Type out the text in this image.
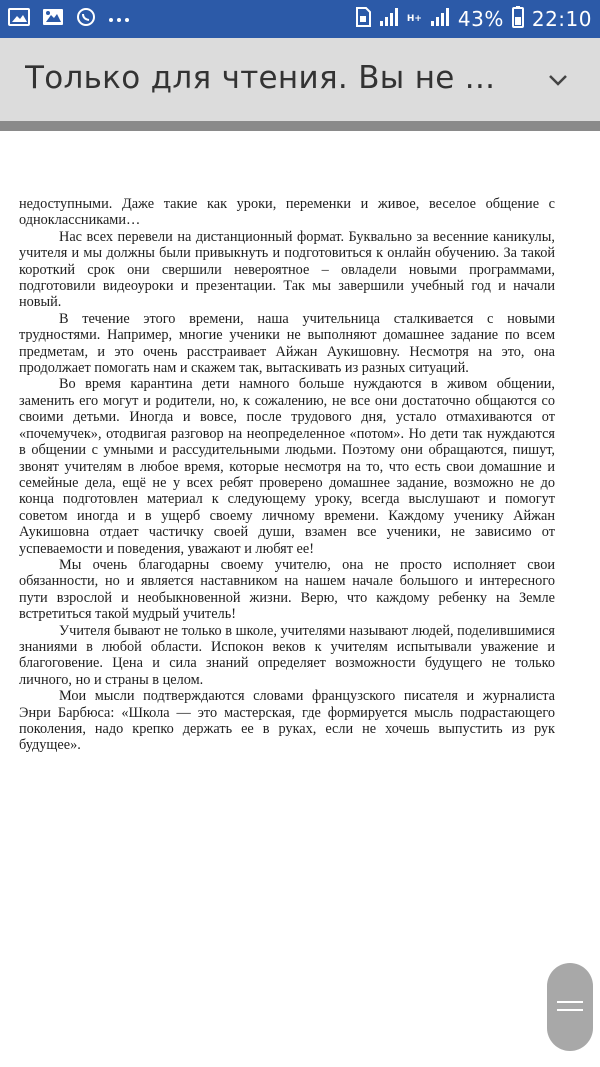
H+ 43% 22:10
Только для чтения. Вы не ...

недоступными. Даже такие как уроки, переменки и живое, веселое общение с одноклассниками…

Нас всех перевели на дистанционный формат. Буквально за весенние каникулы, учителя и мы должны были привыкнуть и подготовиться к онлайн обучению. За такой короткий срок они свершили невероятное – овладели новыми программами, подготовили видеоуроки и презентации. Так мы завершили учебный год и начали новый.

В течение этого времени, наша учительница сталкивается с новыми трудностями. Например, многие ученики не выполняют домашнее задание по всем предметам, и это очень расстраивает Айжан Аукишовну. Несмотря на это, она продолжает помогать нам и скажем так, вытаскивать из разных ситуаций.

Во время карантина дети намного больше нуждаются в живом общении, заменить его могут и родители, но, к сожалению, не все они достаточно общаются со своими детьми. Иногда и вовсе, после трудового дня, устало отмахиваются от «почемучек», отодвигая разговор на неопределенное «потом». Но дети так нуждаются в общении с умными и рассудительными людьми. Поэтому они обращаются, пишут, звонят учителям в любое время, которые несмотря на то, что есть свои домашние и семейные дела, ещё не у всех ребят проверено домашнее задание, возможно не до конца подготовлен материал к следующему уроку, всегда выслушают и помогут советом иногда и в ущерб своему личному времени. Каждому ученику Айжан Аукишовна отдает частичку своей души, взамен все ученики, не зависимо от успеваемости и поведения, уважают и любят ее!

Мы очень благодарны своему учителю, она не просто исполняет свои обязанности, но и является наставником на нашем начале большого и интересного пути взрослой и необыкновенной жизни. Верю, что каждому ребенку на Земле встретиться такой мудрый учитель!

Учителя бывают не только в школе, учителями называют людей, поделившимися знаниями в любой области. Испокон веков к учителям испытывали уважение и благоговение. Цена и сила знаний определяет возможности будущего не только личного, но и страны в целом.

Мои мысли подтверждаются словами французского писателя и журналиста Энри Барбюса: «Школа — это мастерская, где формируется мысль подрастающего поколения, надо крепко держать ее в руках, если не хочешь выпустить из рук будущее».
